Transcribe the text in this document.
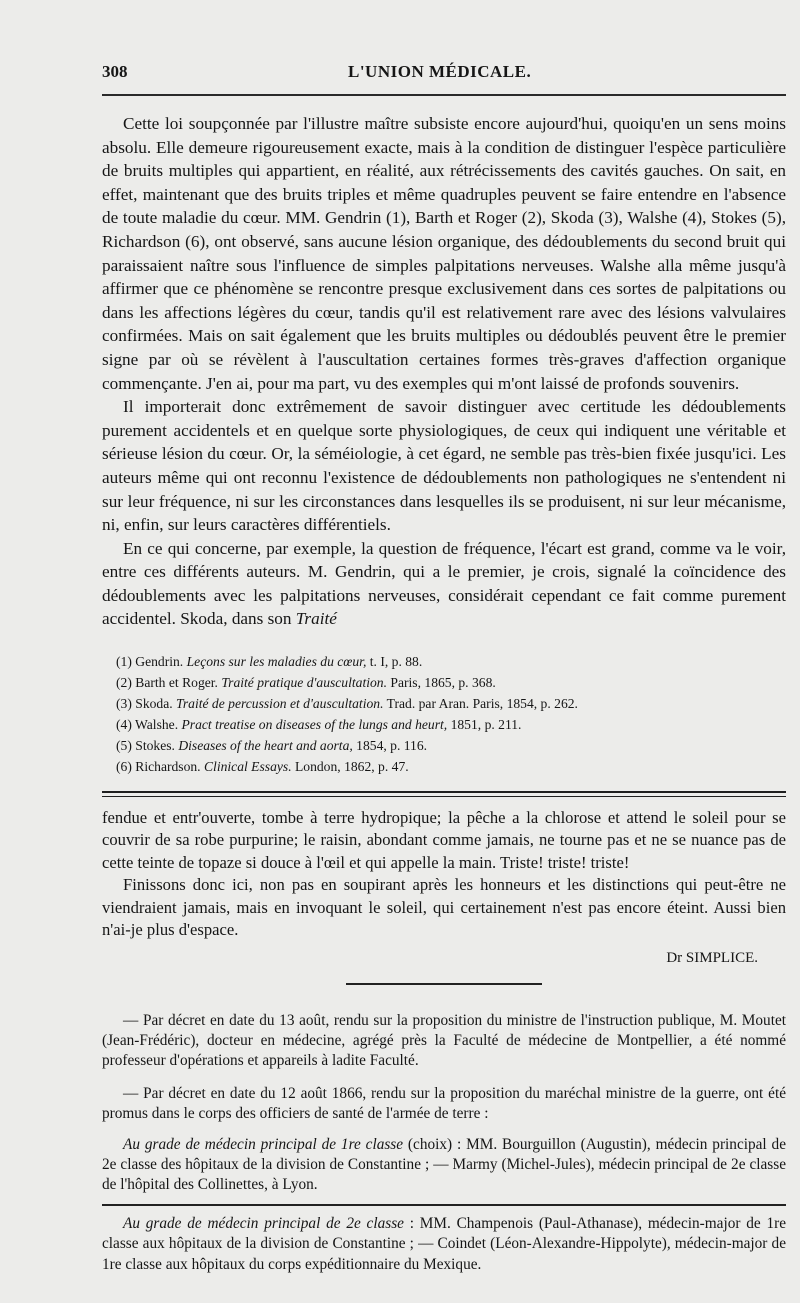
308	L'UNION MÉDICALE.

Cette loi soupçonnée par l'illustre maître subsiste encore aujourd'hui, quoiqu'en un sens moins absolu. Elle demeure rigoureusement exacte, mais à la condition de distinguer l'espèce particulière de bruits multiples qui appartient, en réalité, aux rétrécissements des cavités gauches. On sait, en effet, maintenant que des bruits triples et même quadruples peuvent se faire entendre en l'absence de toute maladie du cœur. MM. Gendrin (1), Barth et Roger (2), Skoda (3), Walshe (4), Stokes (5), Richardson (6), ont observé, sans aucune lésion organique, des dédoublements du second bruit qui paraissaient naître sous l'influence de simples palpitations nerveuses. Walshe alla même jusqu'à affirmer que ce phénomène se rencontre presque exclusivement dans ces sortes de palpitations ou dans les affections légères du cœur, tandis qu'il est relativement rare avec des lésions valvulaires confirmées. Mais on sait également que les bruits multiples ou dédoublés peuvent être le premier signe par où se révèlent à l'auscultation certaines formes très-graves d'affection organique commençante. J'en ai, pour ma part, vu des exemples qui m'ont laissé de profonds souvenirs.

Il importerait donc extrêmement de savoir distinguer avec certitude les dédoublements purement accidentels et en quelque sorte physiologiques, de ceux qui indiquent une véritable et sérieuse lésion du cœur. Or, la séméiologie, à cet égard, ne semble pas très-bien fixée jusqu'ici. Les auteurs même qui ont reconnu l'existence de dédoublements non pathologiques ne s'entendent ni sur leur fréquence, ni sur les circonstances dans lesquelles ils se produisent, ni sur leur mécanisme, ni, enfin, sur leurs caractères différentiels.

En ce qui concerne, par exemple, la question de fréquence, l'écart est grand, comme va le voir, entre ces différents auteurs. M. Gendrin, qui a le premier, je crois, signalé la coïncidence des dédoublements avec les palpitations nerveuses, considérait cependant ce fait comme purement accidentel. Skoda, dans son Traité

(1) Gendrin. Leçons sur les maladies du cœur, t. I, p. 88.
(2) Barth et Roger. Traité pratique d'auscultation. Paris, 1865, p. 368.
(3) Skoda. Traité de percussion et d'auscultation. Trad. par Aran. Paris, 1854, p. 262.
(4) Walshe. Pract treatise on diseases of the lungs and heurt, 1851, p. 211.
(5) Stokes. Diseases of the heart and aorta, 1854, p. 116.
(6) Richardson. Clinical Essays. London, 1862, p. 47.

fendue et entr'ouverte, tombe à terre hydropique; la pêche a la chlorose et attend le soleil pour se couvrir de sa robe purpurine; le raisin, abondant comme jamais, ne tourne pas et ne se nuance pas de cette teinte de topaze si douce à l'œil et qui appelle la main. Triste! triste! triste!

Finissons donc ici, non pas en soupirant après les honneurs et les distinctions qui peut-être ne viendraient jamais, mais en invoquant le soleil, qui certainement n'est pas encore éteint. Aussi bien n'ai-je plus d'espace.

Dr SIMPLICE.

— Par décret en date du 13 août, rendu sur la proposition du ministre de l'instruction publique, M. Moutet (Jean-Frédéric), docteur en médecine, agrégé près la Faculté de médecine de Montpellier, a été nommé professeur d'opérations et appareils à ladite Faculté.

— Par décret en date du 12 août 1866, rendu sur la proposition du maréchal ministre de la guerre, ont été promus dans le corps des officiers de santé de l'armée de terre :

Au grade de médecin principal de 1re classe (choix) : MM. Bourguillon (Augustin), médecin principal de 2e classe des hôpitaux de la division de Constantine ; — Marmy (Michel-Jules), médecin principal de 2e classe de l'hôpital des Collinettes, à Lyon.

Au grade de médecin principal de 2e classe : MM. Champenois (Paul-Athanase), médecin-major de 1re classe aux hôpitaux de la division de Constantine ; — Coindet (Léon-Alexandre-Hippolyte), médecin-major de 1re classe aux hôpitaux du corps expéditionnaire du Mexique.
